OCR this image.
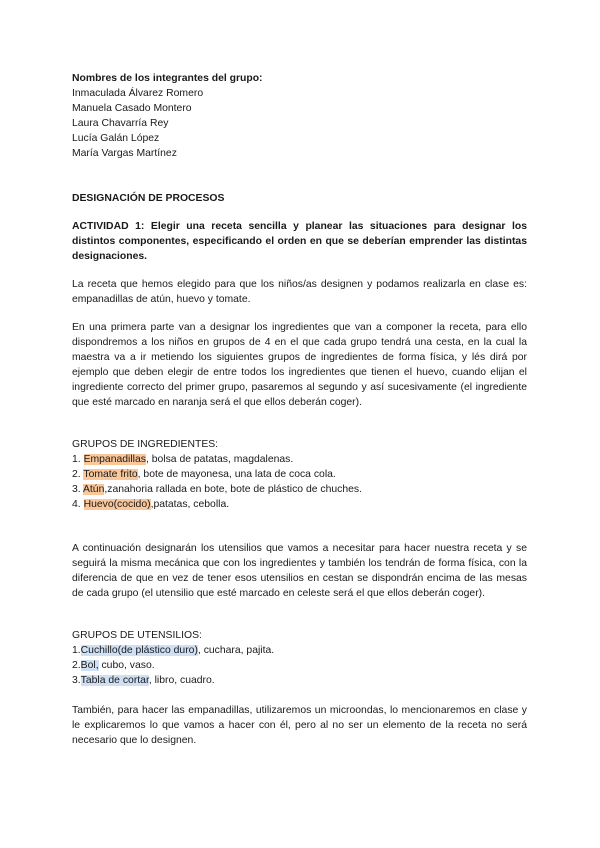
Nombres de los integrantes del grupo:
Inmaculada Álvarez Romero
Manuela Casado Montero
Laura Chavarría Rey
Lucía Galán López
María Vargas Martínez
DESIGNACIÓN DE PROCESOS
ACTIVIDAD 1: Elegir una receta sencilla y planear las situaciones para designar los distintos componentes, especificando el orden en que se deberían emprender las distintas designaciones.
La receta que hemos elegido para que los niños/as designen y podamos realizarla en clase es: empanadillas de atún, huevo y tomate.
En una primera parte van a designar los ingredientes que van a componer la receta, para ello dispondremos a los niños en grupos de 4 en el que cada grupo tendrá una cesta, en la cual la maestra va a ir metiendo los siguientes grupos de ingredientes de forma física, y lés dirá por ejemplo que deben elegir de entre todos los ingredientes que tienen el huevo, cuando elijan el ingrediente correcto del primer grupo, pasaremos al segundo y así sucesivamente (el ingrediente que esté marcado en naranja será el que ellos deberán coger).
GRUPOS DE INGREDIENTES:
1. Empanadillas, bolsa de patatas, magdalenas.
2. Tomate frito, bote de mayonesa, una lata de coca cola.
3. Atún,zanahoria rallada en bote, bote de plástico de chuches.
4. Huevo(cocido),patatas, cebolla.
A continuación designarán los utensilios que vamos a necesitar para hacer nuestra receta y se seguirá la misma mecánica que con los ingredientes y también los tendrán de forma física, con la diferencia de que en vez de tener esos utensilios en cestan se dispondrán encima de las mesas de cada grupo (el utensilio que esté marcado en celeste será el que ellos deberán coger).
GRUPOS DE UTENSILIOS:
1.Cuchillo(de plástico duro), cuchara, pajita.
2.Bol, cubo, vaso.
3.Tabla de cortar, libro, cuadro.
También, para hacer las empanadillas, utilizaremos un microondas, lo mencionaremos en clase y le explicaremos lo que vamos a hacer con él, pero al no ser un elemento de la receta no será necesario que lo designen.
